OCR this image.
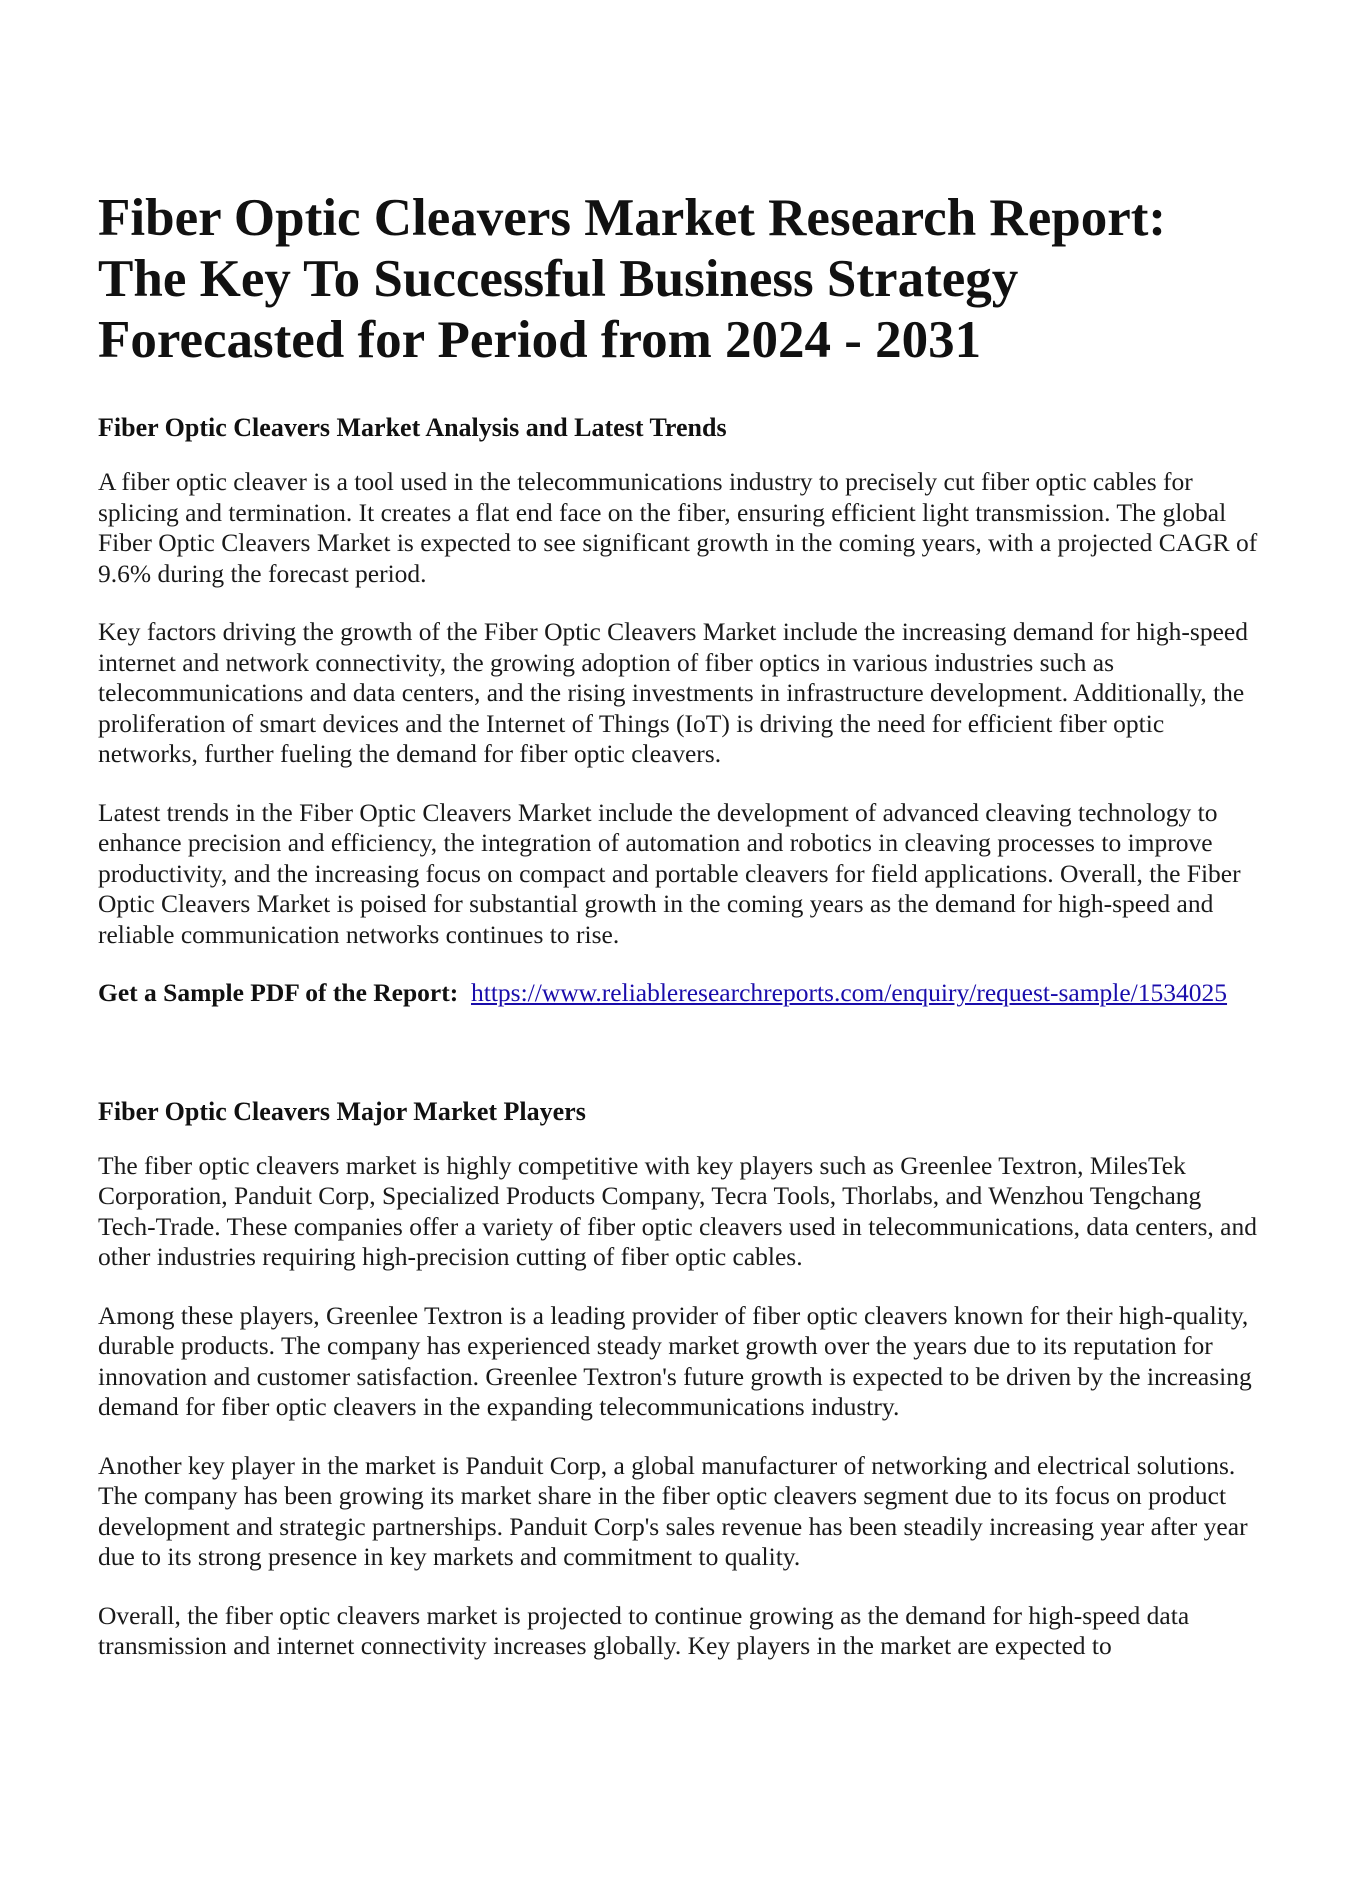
Fiber Optic Cleavers Market Research Report: The Key To Successful Business Strategy Forecasted for Period from 2024 - 2031
Fiber Optic Cleavers Market Analysis and Latest Trends

A fiber optic cleaver is a tool used in the telecommunications industry to precisely cut fiber optic cables for splicing and termination. It creates a flat end face on the fiber, ensuring efficient light transmission. The global Fiber Optic Cleavers Market is expected to see significant growth in the coming years, with a projected CAGR of 9.6% during the forecast period.

Key factors driving the growth of the Fiber Optic Cleavers Market include the increasing demand for high-speed internet and network connectivity, the growing adoption of fiber optics in various industries such as telecommunications and data centers, and the rising investments in infrastructure development. Additionally, the proliferation of smart devices and the Internet of Things (IoT) is driving the need for efficient fiber optic networks, further fueling the demand for fiber optic cleavers.

Latest trends in the Fiber Optic Cleavers Market include the development of advanced cleaving technology to enhance precision and efficiency, the integration of automation and robotics in cleaving processes to improve productivity, and the increasing focus on compact and portable cleavers for field applications. Overall, the Fiber Optic Cleavers Market is poised for substantial growth in the coming years as the demand for high-speed and reliable communication networks continues to rise.

Get a Sample PDF of the Report: https://www.reliableresearchreports.com/enquiry/request-sample/1534025

Fiber Optic Cleavers Major Market Players

The fiber optic cleavers market is highly competitive with key players such as Greenlee Textron, MilesTek Corporation, Panduit Corp, Specialized Products Company, Tecra Tools, Thorlabs, and Wenzhou Tengchang Tech-Trade. These companies offer a variety of fiber optic cleavers used in telecommunications, data centers, and other industries requiring high-precision cutting of fiber optic cables.

Among these players, Greenlee Textron is a leading provider of fiber optic cleavers known for their high-quality, durable products. The company has experienced steady market growth over the years due to its reputation for innovation and customer satisfaction. Greenlee Textron's future growth is expected to be driven by the increasing demand for fiber optic cleavers in the expanding telecommunications industry.

Another key player in the market is Panduit Corp, a global manufacturer of networking and electrical solutions. The company has been growing its market share in the fiber optic cleavers segment due to its focus on product development and strategic partnerships. Panduit Corp's sales revenue has been steadily increasing year after year due to its strong presence in key markets and commitment to quality.

Overall, the fiber optic cleavers market is projected to continue growing as the demand for high-speed data transmission and internet connectivity increases globally. Key players in the market are expected to
